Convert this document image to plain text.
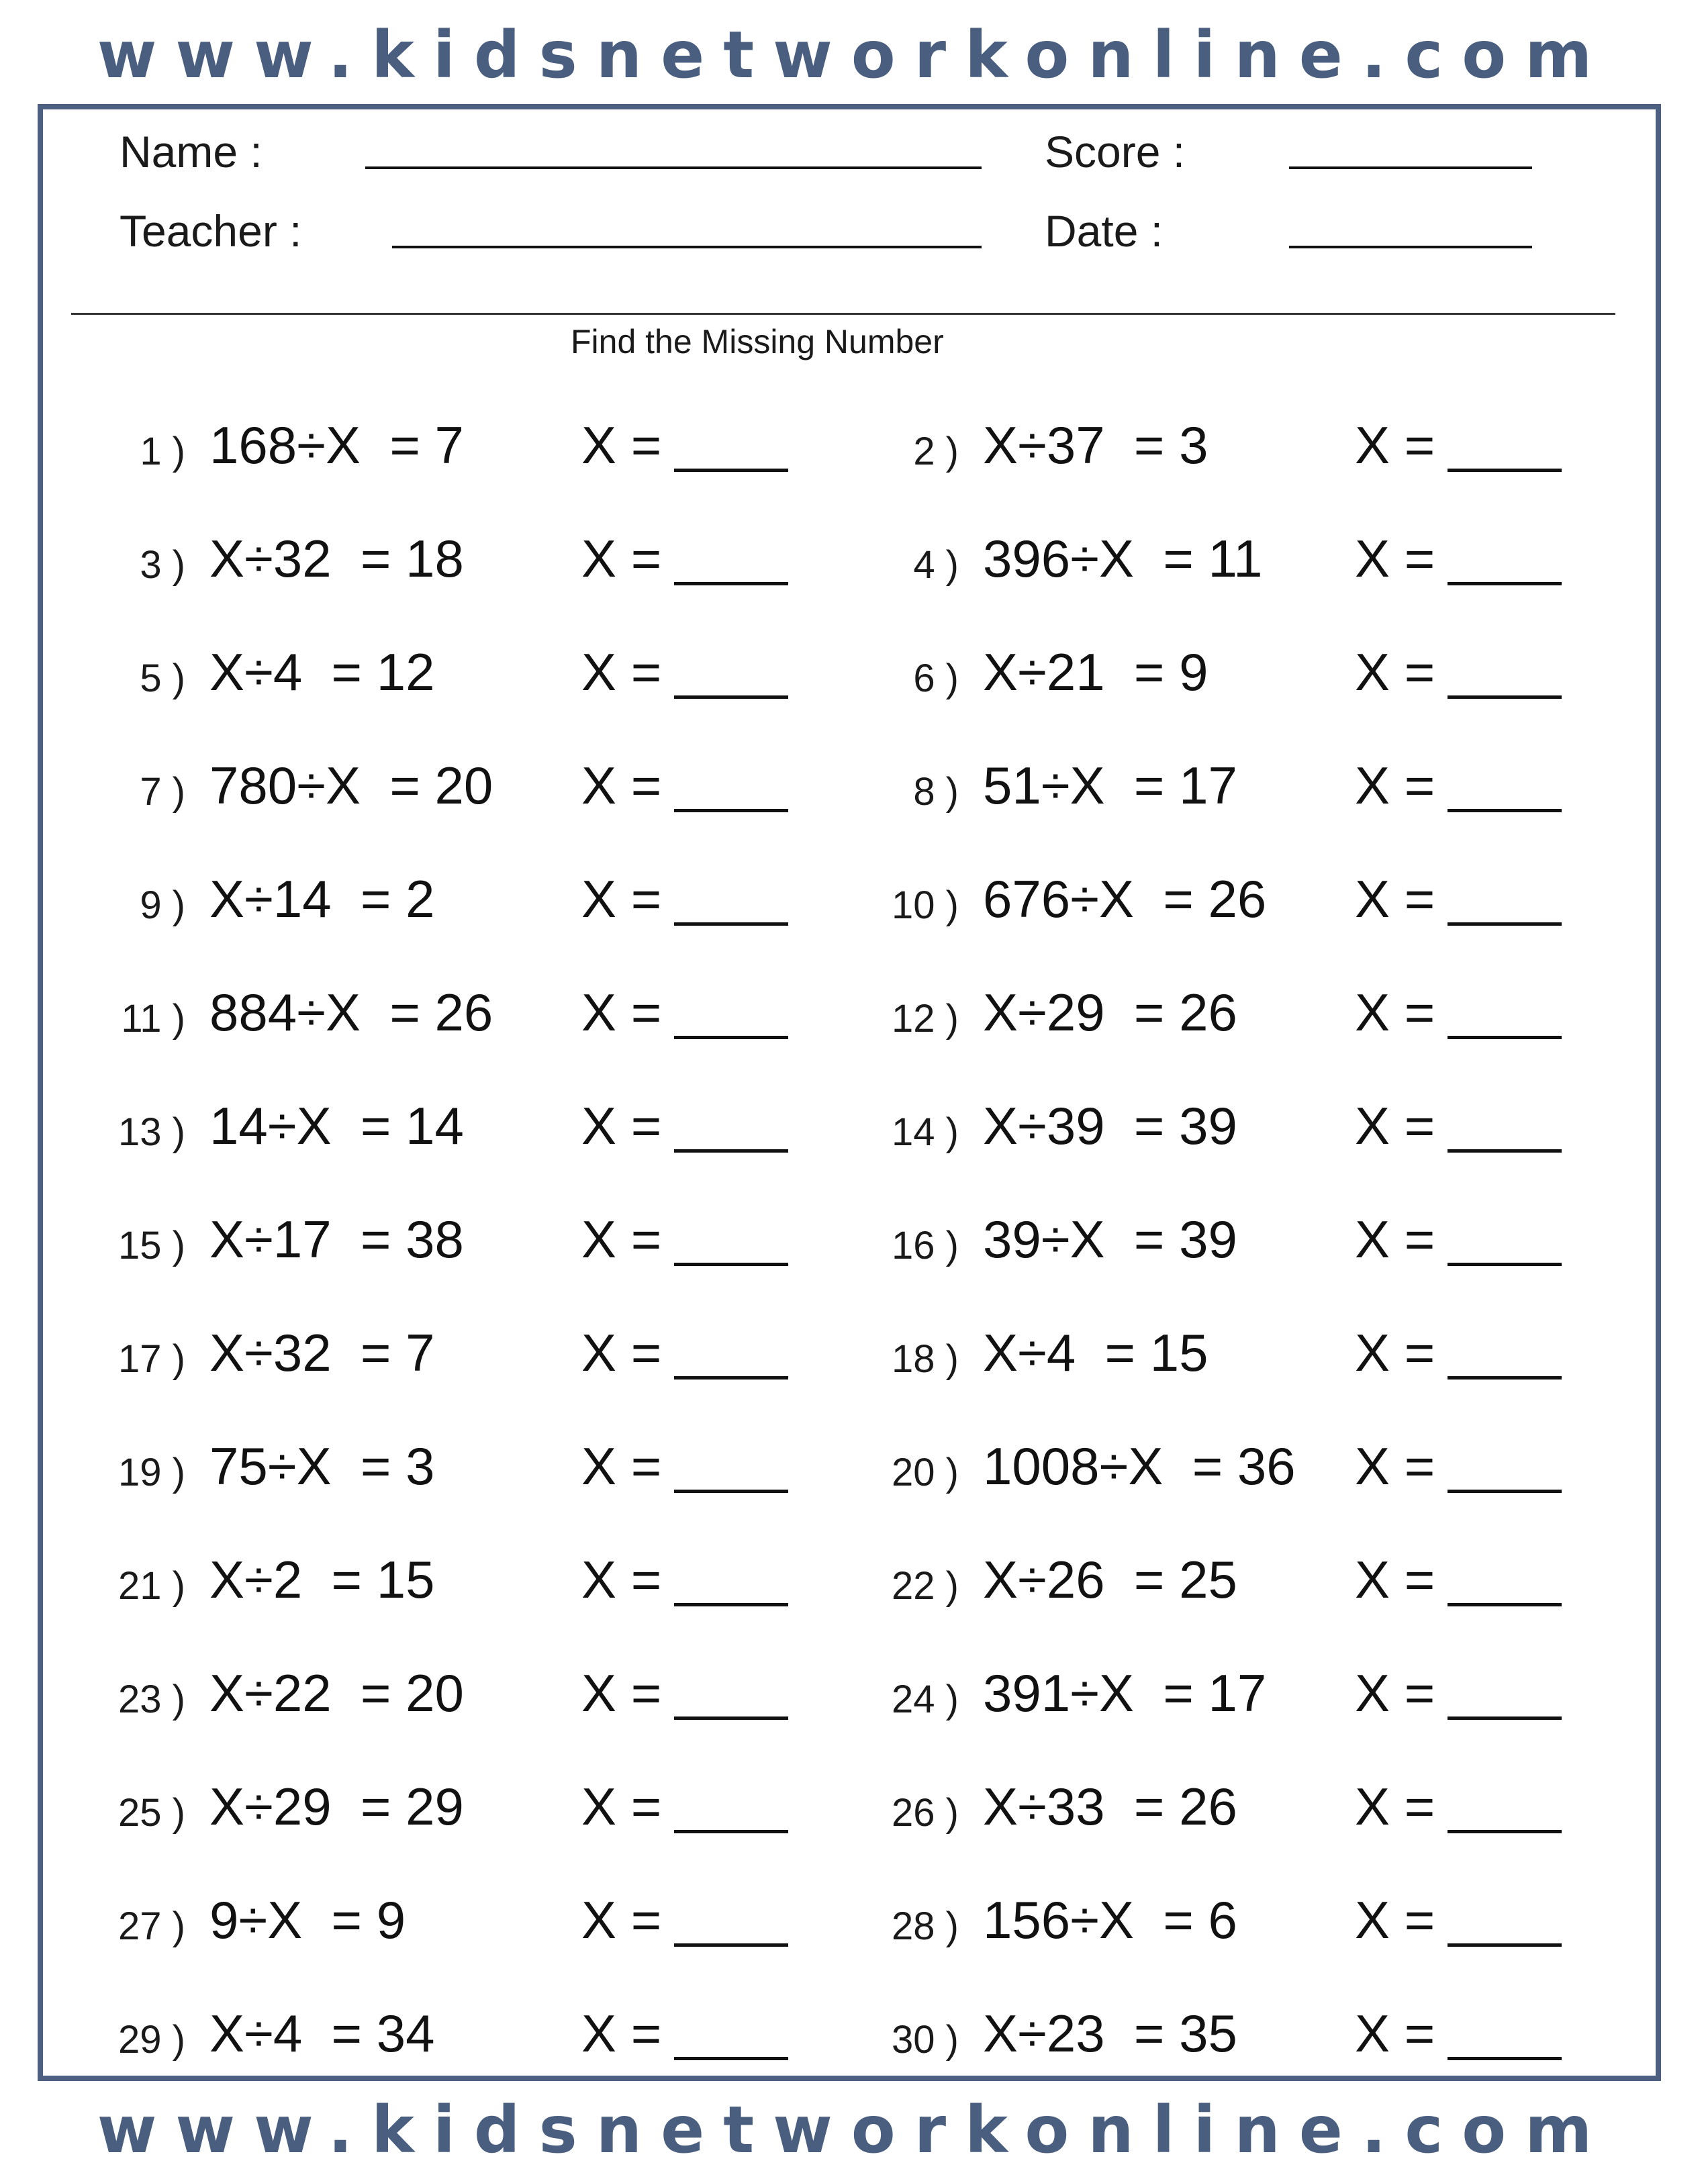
www.kidsnetworkonline.com
Name :
Teacher :
Score :
Date :
Find the Missing Number
1 ) 168÷X  = 7 X =	2 ) X÷37  = 3	X =
3 ) X÷32  = 18 X =	4 ) 396÷X  = 11 X =
5 ) X÷4  = 12	X =	6 ) X÷21  = 9	X =
7 ) 780÷X  = 20 X =	8 ) 51÷X  = 17 X =
9 ) X÷14  = 2	X =	10 ) 676÷X  = 26 X =
11 ) 884÷X  = 26 X =	12 ) X÷29  = 26 X =
13 ) 14÷X  = 14 X =	14 ) X÷39  = 39 X =
15 ) X÷17  = 38 X =	16 ) 39÷X  = 39 X =
17 ) X÷32  = 7	X =	18 ) X÷4  = 15	X =
19 ) 75÷X  = 3	X =	20 ) 1008÷X  = 36 X =
21 ) X÷2  = 15	X =	22 ) X÷26  = 25 X =
23 ) X÷22  = 20 X =	24 ) 391÷X  = 17 X =
25 ) X÷29  = 29 X =	26 ) X÷33  = 26 X =
27 ) 9÷X  = 9	X =	28 ) 156÷X  = 6 X =
29 ) X÷4  = 34	X =	30 ) X÷23  = 35 X =
www.kidsnetworkonline.com
